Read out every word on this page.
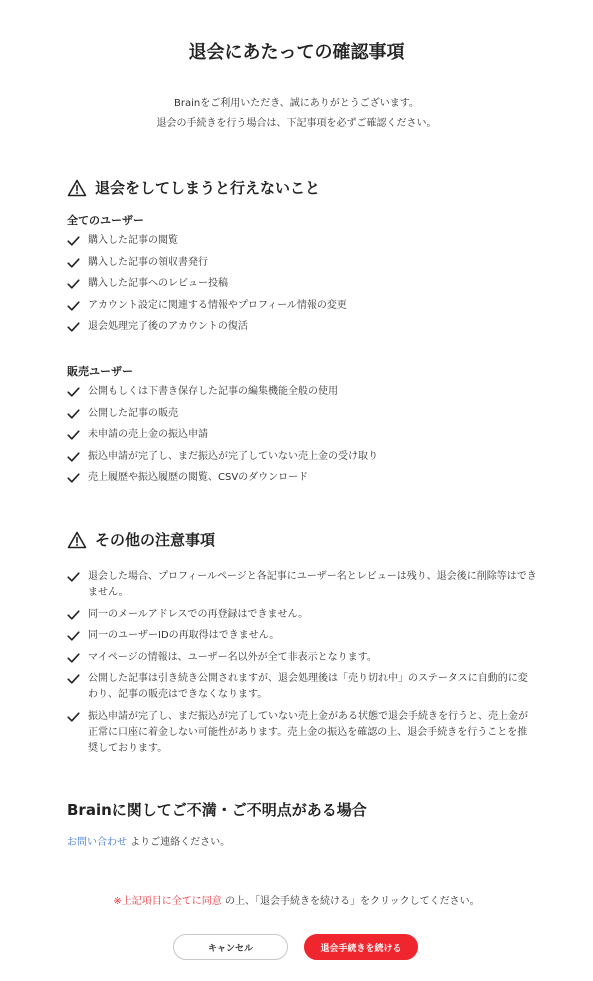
退会にあたっての確認事項

Brainをご利用いただき、誠にありがとうございます。

退会の手続きを行う場合は、下記事項を必ずご確認ください。

退会をしてしまうと行えないこと
全てのユーザー
購入した記事の閲覧
購入した記事の領収書発行
購入した記事へのレビュー投稿
アカウント設定に関連する情報やプロフィール情報の変更
退会処理完了後のアカウントの復活
販売ユーザー
公開もしくは下書き保存した記事の編集機能全般の使用
公開した記事の販売
未申請の売上金の振込申請
振込申請が完了し、まだ振込が完了していない売上金の受け取り
売上履歴や振込履歴の閲覧、CSVのダウンロード
その他の注意事項
退会した場合、プロフィールページと各記事にユーザー名とレビューは残り、退会後に削除等はできません。
同一のメールアドレスでの再登録はできません。
同一のユーザーIDの再取得はできません。
マイページの情報は、ユーザー名以外が全て非表示となります。
公開した記事は引き続き公開されますが、退会処理後は「売り切れ中」のステータスに自動的に変わり、記事の販売はできなくなります。
振込申請が完了し、まだ振込が完了していない売上金がある状態で退会手続きを行うと、売上金が正常に口座に着金しない可能性があります。売上金の振込を確認の上、退会手続きを行うことを推奨しております。
Brainに関してご不満・ご不明点がある場合

お問い合わせ よりご連絡ください。

※上記項目に全てに同意 の上、「退会手続きを続ける」をクリックしてください。

キャンセル	退会手続きを続ける
